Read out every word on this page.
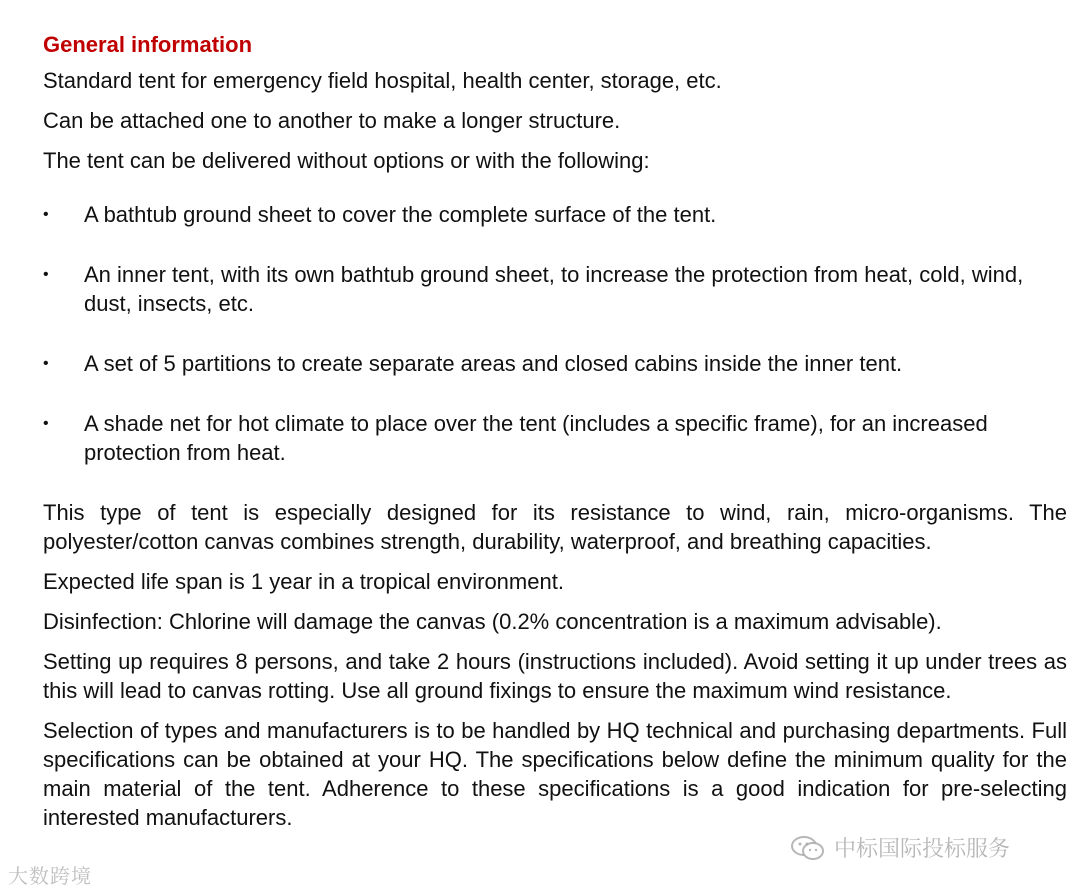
General information

Standard tent for emergency field hospital, health center, storage, etc.

Can be attached one to another to make a longer structure.

The tent can be delivered without options or with the following:

• A bathtub ground sheet to cover the complete surface of the tent.
• An inner tent, with its own bathtub ground sheet, to increase the protection from heat, cold, wind, dust, insects, etc.
• A set of 5 partitions to create separate areas and closed cabins inside the inner tent.
• A shade net for hot climate to place over the tent (includes a specific frame), for an increased protection from heat.

This type of tent is especially designed for its resistance to wind, rain, micro-organisms. The polyester/cotton canvas combines strength, durability, waterproof, and breathing capacities.

Expected life span is 1 year in a tropical environment.

Disinfection: Chlorine will damage the canvas (0.2% concentration is a maximum advisable).

Setting up requires 8 persons, and take 2 hours (instructions included). Avoid setting it up under trees as this will lead to canvas rotting. Use all ground fixings to ensure the maximum wind resistance.

Selection of types and manufacturers is to be handled by HQ technical and purchasing departments. Full specifications can be obtained at your HQ. The specifications below define the minimum quality for the main material of the tent. Adherence to these specifications is a good indication for pre-selecting interested manufacturers.

大数跨境
中标国际投标服务
